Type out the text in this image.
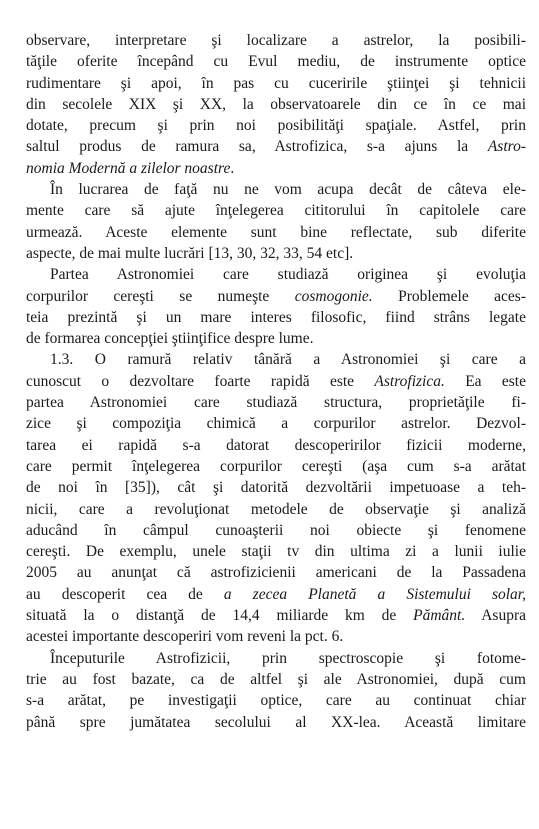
observare, interpretare şi localizare a astrelor, la posibili-
tăţile oferite începând cu Evul mediu, de instrumente optice
rudimentare şi apoi, în pas cu cuceririle ştiinţei şi tehnicii
din secolele XIX şi XX, la observatoarele din ce în ce mai
dotate, precum şi prin noi posibilităţi spaţiale. Astfel, prin
saltul produs de ramura sa, Astrofizica, s-a ajuns la Astro-
nomia Modernă a zilelor noastre.
În lucrarea de faţă nu ne vom acupa decât de câteva ele-
mente care să ajute înţelegerea cititorului în capitolele care
urmează. Aceste elemente sunt bine reflectate, sub diferite
aspecte, de mai multe lucrări [13, 30, 32, 33, 54 etc].
Partea Astronomiei care studiază originea şi evoluţia
corpurilor cereşti se numeşte cosmogonie. Problemele aces-
teia prezintă şi un mare interes filosofic, fiind strâns legate
de formarea concepţiei ştiinţifice despre lume.
1.3. O ramură relativ tânără a Astronomiei şi care a
cunoscut o dezvoltare foarte rapidă este Astrofizica. Ea este
partea Astronomiei care studiază structura, proprietăţile fi-
zice şi compoziţia chimică a corpurilor astrelor. Dezvol-
tarea ei rapidă s-a datorat descoperirilor fizicii moderne,
care permit înţelegerea corpurilor cereşti (aşa cum s-a arătat
de noi în [35]), cât şi datorită dezvoltării impetuoase a teh-
nicii, care a revoluţionat metodele de observaţie şi analiză
aducând în câmpul cunoaşterii noi obiecte şi fenomene
cereşti. De exemplu, unele staţii tv din ultima zi a lunii iulie
2005 au anunţat că astrofizicienii americani de la Passadena
au descoperit cea de a zecea Planetă a Sistemului solar,
situată la o distanţă de 14,4 miliarde km de Pământ. Asupra
acestei importante descoperiri vom reveni la pct. 6.
Începuturile Astrofizicii, prin spectroscopie şi fotome-
trie au fost bazate, ca de altfel şi ale Astronomiei, după cum
s-a arătat, pe investigaţii optice, care au continuat chiar
până spre jumătatea secolului al XX-lea. Această limitare
